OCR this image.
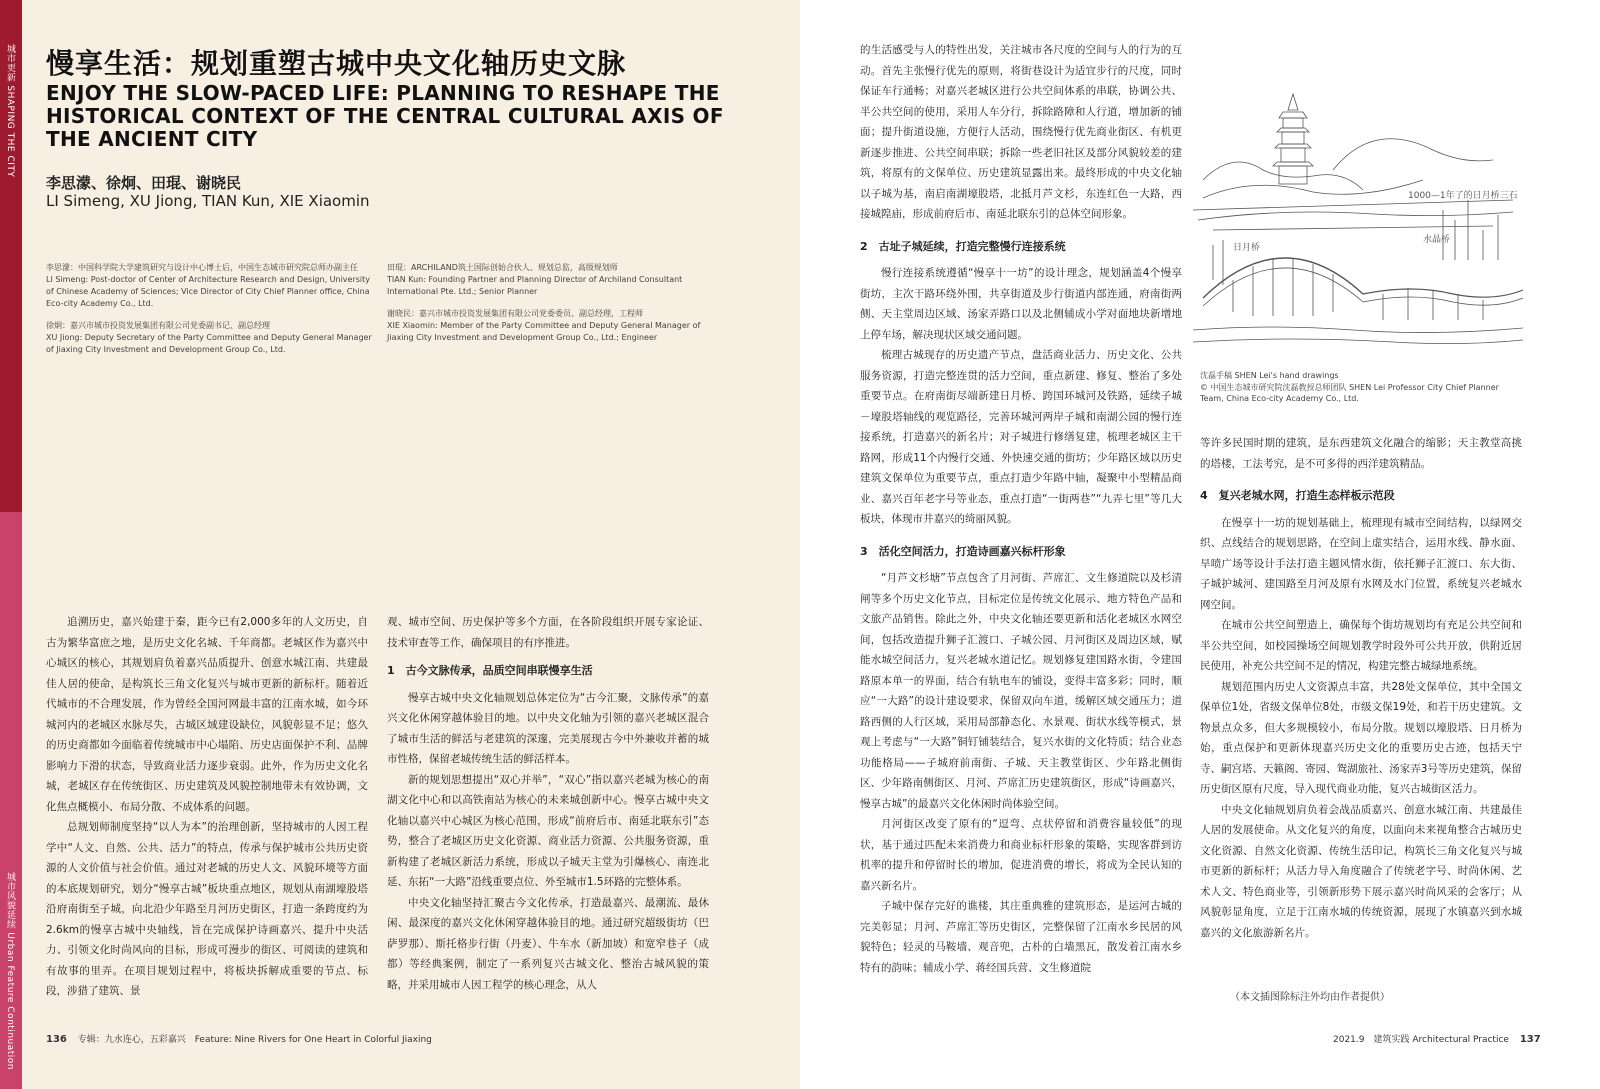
城市更新 SHAPING THE CITY
城市风貌延续 Urban Feature Continuation
慢享生活：规划重塑古城中央文化轴历史文脉
ENJOY THE SLOW-PACED LIFE: PLANNING TO RESHAPE THE HISTORICAL CONTEXT OF THE CENTRAL CULTURAL AXIS OF THE ANCIENT CITY
李思濛、徐炯、田琨、谢晓民
LI Simeng, XU Jiong, TIAN Kun, XIE Xiaomin
李思濛：中国科学院大学建筑研究与设计中心博士后，中国生态城市研究院总师办副主任
LI Simeng: Post-doctor of Center of Architecture Research and Design, University of Chinese Academy of Sciences; Vice Director of City Chief Planner office, China Eco-city Academy Co., Ltd.
徐炯：嘉兴市城市投资发展集团有限公司党委副书记、副总经理
XU Jiong: Deputy Secretary of the Party Committee and Deputy General Manager of Jiaxing City Investment and Development Group Co., Ltd.
田琨：ARCHILAND筑土国际创始合伙人、规划总监，高级规划师
TIAN Kun: Founding Partner and Planning Director of Archiland Consultant International Pte. Ltd.; Senior Planner
谢晓民：嘉兴市城市投资发展集团有限公司党委委员、副总经理，工程师
XIE Xiaomin: Member of the Party Committee and Deputy General Manager of Jiaxing City Investment and Development Group Co., Ltd.; Engineer

追溯历史，嘉兴始建于秦，距今已有2,000多年的人文历史，自古为繁华富庶之地，是历史文化名城、千年商都。老城区作为嘉兴中心城区的核心，其规划肩负着嘉兴品质提升、创意水城江南、共建最佳人居的使命，是构筑长三角文化复兴与城市更新的新标杆。随着近代城市的不合理发展，作为曾经全国河网最丰富的江南水城，如今环城河内的老城区水脉尽失，古城区域建设缺位，风貌彰显不足；悠久的历史商都如今面临着传统城市中心塌陷、历史店面保护不利、品牌影响力下滑的状态，导致商业活力逐步衰弱。此外，作为历史文化名城，老城区存在传统街区、历史建筑及风貌控制地带未有效协调，文化焦点概模小、布局分散、不成体系的问题。

总规划师制度坚持“以人为本”的治理创新，坚持城市的人因工程学中“人文、自然、公共、活力”的特点，传承与保护城市公共历史资源的人文价值与社会价值。通过对老城的历史人文、风貌环境等方面的本底规划研究，划分“慢享古城”板块重点地区，规划从南湖壕股塔沿府南街至子城，向北沿少年路至月河历史街区，打造一条跨度约为2.6km的慢享古城中央轴线，旨在完成保护诗画嘉兴、提升中央活力、引领文化时尚风向的目标，形成可漫步的街区、可阅读的建筑和有故事的里弄。在项目规划过程中，将板块拆解成重要的节点、标段，涉猎了建筑、景

观、城市空间、历史保护等多个方面，在各阶段组织开展专家论证、技术审查等工作，确保项目的有序推进。

1　古今文脉传承，品质空间串联慢享生活

慢享古城中央文化轴规划总体定位为“古今汇聚，文脉传承”的嘉兴文化休闲穿越体验目的地。以中央文化轴为引领的嘉兴老城区混合了城市生活的鲜活与老建筑的深邃，完美展现古今中外兼收并蓄的城市性格，保留老城传统生活的鲜活样本。

新的规划思想提出“双心并举”，“双心”指以嘉兴老城为核心的南湖文化中心和以高铁南站为核心的未来城创新中心。慢享古城中央文化轴以嘉兴中心城区为核心范围，形成“前府后市、南延北联东引”态势，整合了老城区历史文化资源、商业活力资源、公共服务资源，重新构建了老城区新活力系统，形成以子城天主堂为引爆核心、南连北延、东拓“一大路”沿线重要点位、外至城市1.5环路的完整体系。

中央文化轴坚持汇聚古今文化传承，打造最嘉兴、最潮流、最休闲、最深度的嘉兴文化休闲穿越体验目的地。通过研究超级街坊（巴萨罗那）、斯托格步行街（丹麦）、牛车水（新加坡）和宽窄巷子（成都）等经典案例，制定了一系列复兴古城文化、整治古城风貌的策略，并采用城市人因工程学的核心理念，从人

136 专辑：九水连心，五彩嘉兴　Feature: Nine Rivers for One Heart in Colorful Jiaxing

的生活感受与人的特性出发，关注城市各尺度的空间与人的行为的互动。首先主张慢行优先的原则，将街巷设计为适宜步行的尺度，同时保证车行通畅；对嘉兴老城区进行公共空间体系的串联，协调公共、半公共空间的使用，采用人车分行，拆除路障和人行道，增加新的铺面；提升街道设施，方便行人活动，围绕慢行优先商业街区、有机更新逐步推进、公共空间串联；拆除一些老旧社区及部分风貌较差的建筑，将原有的文保单位、历史建筑显露出来。最终形成的中央文化轴以子城为基，南启南湖壕股塔，北抵月芦文杉，东连红色一大路，西接城隍庙，形成前府后市、南延北联东引的总体空间形象。

2　古址子城延续，打造完整慢行连接系统

慢行连接系统遵循“慢享十一坊”的设计理念，规划涵盖4个慢享街坊，主次干路环绕外围，共享街道及步行街道内部连通，府南街两侧、天主堂周边区域、汤家弄路口以及北侧辅成小学对面地块新增地上停车场，解决现状区域交通问题。

梳理古城现存的历史遗产节点，盘活商业活力、历史文化、公共服务资源，打造完整连贯的活力空间，重点新建、修复、整治了多处重要节点。在府南街尽端新建日月桥、跨国环城河及铁路，延续子城－壕股塔轴线的观览路径，完善环城河两岸子城和南湖公园的慢行连接系统，打造嘉兴的新名片；对子城进行修缮复建，梳理老城区主干路网，形成11个内慢行交通、外快速交通的街坊；少年路区域以历史建筑文保单位为重要节点，重点打造少年路中轴，凝聚中小型精品商业、嘉兴百年老字号等业态，重点打造“一街两巷”“九弄七里”等几大板块，体现市井嘉兴的绮丽风貌。

3　活化空间活力，打造诗画嘉兴标杆形象

“月芦文杉塘”节点包含了月河街、芦席汇、文生修道院以及杉清闸等多个历史文化节点，目标定位是传统文化展示、地方特色产品和文旅产品销售。除此之外，中央文化轴还要更新和活化老城区水网空间，包括改造提升狮子汇渡口、子城公园、月河街区及周边区域，赋能水城空间活力，复兴老城水道记忆。规划修复建国路水街，令建国路原本单一的界面，结合有轨电车的铺设，变得丰富多彩；同时，顺应“一大路”的设计建设要求，保留双向车道，缓解区域交通压力；道路西侧的人行区域，采用局部静态化、水景观、街状水线等模式，景观上考虑与“一大路”铜钉铺装结合，复兴水街的文化特质；结合业态功能格局——子城府前南街、子城、天主教堂街区、少年路北侧街区、少年路南侧街区、月河、芦席汇历史建筑街区，形成“诗画嘉兴，慢享古城”的最嘉兴文化休闲时尚体验空间。

月河街区改变了原有的“逗弯、点状停留和消费容量较低”的现状，基于通过匹配未来消费力和商业标杆形象的策略，实现客群到访机率的提升和停留时长的增加，促进消费的增长，将成为全民认知的嘉兴新名片。

子城中保存完好的谯楼，其庄重典雅的建筑形态，是运河古城的完美彰显；月河、芦席汇等历史街区，完整保留了江南水乡民居的风貌特色；轻灵的马鞍墙、观音兜，古朴的白墙黑瓦，散发着江南水乡特有的韵味；辅成小学、蒋经国兵营、文生修道院

1000—1年了的日月桥三石
日月桥
水晶桥
沈磊手稿 SHEN Lei's hand drawings
© 中国生态城市研究院沈磊教授总师团队 SHEN Lei Professor City Chief Planner Team, China Eco-city Academy Co., Ltd.

等许多民国时期的建筑，是东西建筑文化融合的缩影；天主教堂高挑的塔楼，工法考究，是不可多得的西洋建筑精品。

4　复兴老城水网，打造生态样板示范段

在慢享十一坊的规划基础上，梳理现有城市空间结构，以绿网交织、点线结合的规划思路，在空间上虚实结合，运用水线、静水面、旱喷广场等设计手法打造主题风情水街，依托狮子汇渡口、东大街、子城护城河、建国路至月河及原有水网及水门位置，系统复兴老城水网空间。

在城市公共空间塑造上，确保每个街坊规划均有充足公共空间和半公共空间，如校园操场空间规划教学时段外可公共开放，供附近居民使用，补充公共空间不足的情况，构建完整古城绿地系统。

规划范围内历史人文资源点丰富，共28处文保单位，其中全国文保单位1处，省级文保单位8处，市级文保19处，和若干历史建筑。文物景点众多，但大多规模较小，布局分散。规划以壕股塔、日月桥为始，重点保护和更新体现嘉兴历史文化的重要历史古迹，包括天宁寺、嗣宫塔、天籁阁、寄园、鸳湖旅社、汤家弄3号等历史建筑，保留历史街区原有尺度，导入现代商业功能，复兴古城街区活力。

中央文化轴规划肩负着会战品质嘉兴、创意水城江南、共建最佳人居的发展使命。从文化复兴的角度，以面向未来视角整合古城历史文化资源、自然文化资源、传统生活印记，构筑长三角文化复兴与城市更新的新标杆；从活力导入角度融合了传统老字号、时尚休闲、艺术人文、特色商业等，引领新形势下展示嘉兴时尚风采的会客厅；从风貌彰显角度，立足于江南水城的传统资源，展现了水镇嘉兴到水城嘉兴的文化旅游新名片。

（本文插图除标注外均由作者提供）
2021.9　建筑实践 Architectural Practice 137
